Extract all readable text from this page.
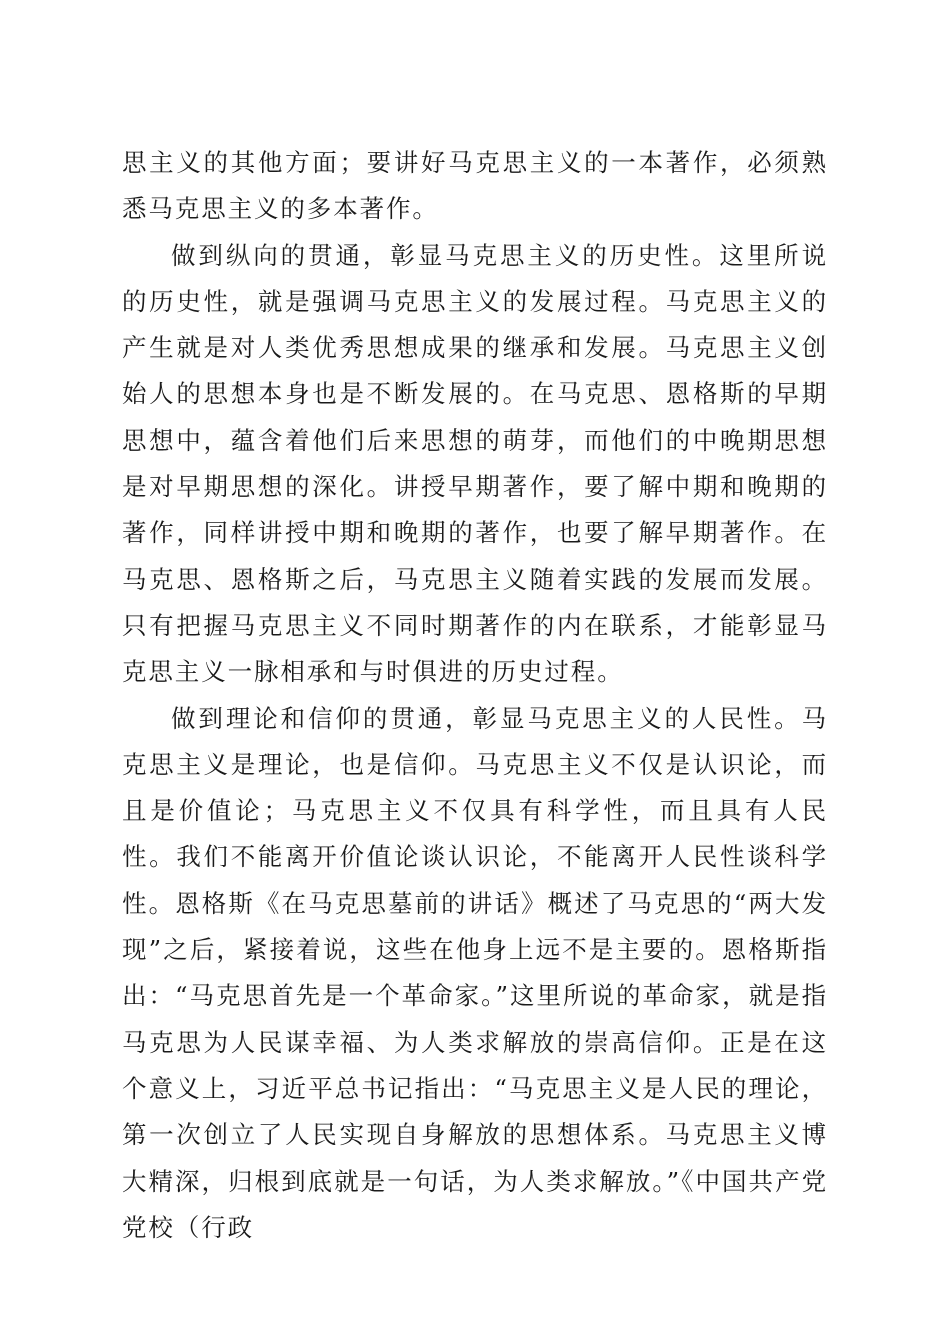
思主义的其他方面；要讲好马克思主义的一本著作，必须熟悉马克思主义的多本著作。

做到纵向的贯通，彰显马克思主义的历史性。这里所说的历史性，就是强调马克思主义的发展过程。马克思主义的产生就是对人类优秀思想成果的继承和发展。马克思主义创始人的思想本身也是不断发展的。在马克思、恩格斯的早期思想中，蕴含着他们后来思想的萌芽，而他们的中晚期思想是对早期思想的深化。讲授早期著作，要了解中期和晚期的著作，同样讲授中期和晚期的著作，也要了解早期著作。在马克思、恩格斯之后，马克思主义随着实践的发展而发展。只有把握马克思主义不同时期著作的内在联系，才能彰显马克思主义一脉相承和与时俱进的历史过程。

做到理论和信仰的贯通，彰显马克思主义的人民性。马克思主义是理论，也是信仰。马克思主义不仅是认识论，而且是价值论；马克思主义不仅具有科学性，而且具有人民性。我们不能离开价值论谈认识论，不能离开人民性谈科学性。恩格斯《在马克思墓前的讲话》概述了马克思的“两大发现”之后，紧接着说，这些在他身上远不是主要的。恩格斯指出：“马克思首先是一个革命家。”这里所说的革命家，就是指马克思为人民谋幸福、为人类求解放的崇高信仰。正是在这个意义上，习近平总书记指出：“马克思主义是人民的理论，第一次创立了人民实现自身解放的思想体系。马克思主义博大精深，归根到底就是一句话，为人类求解放。”《中国共产党党校（行政
